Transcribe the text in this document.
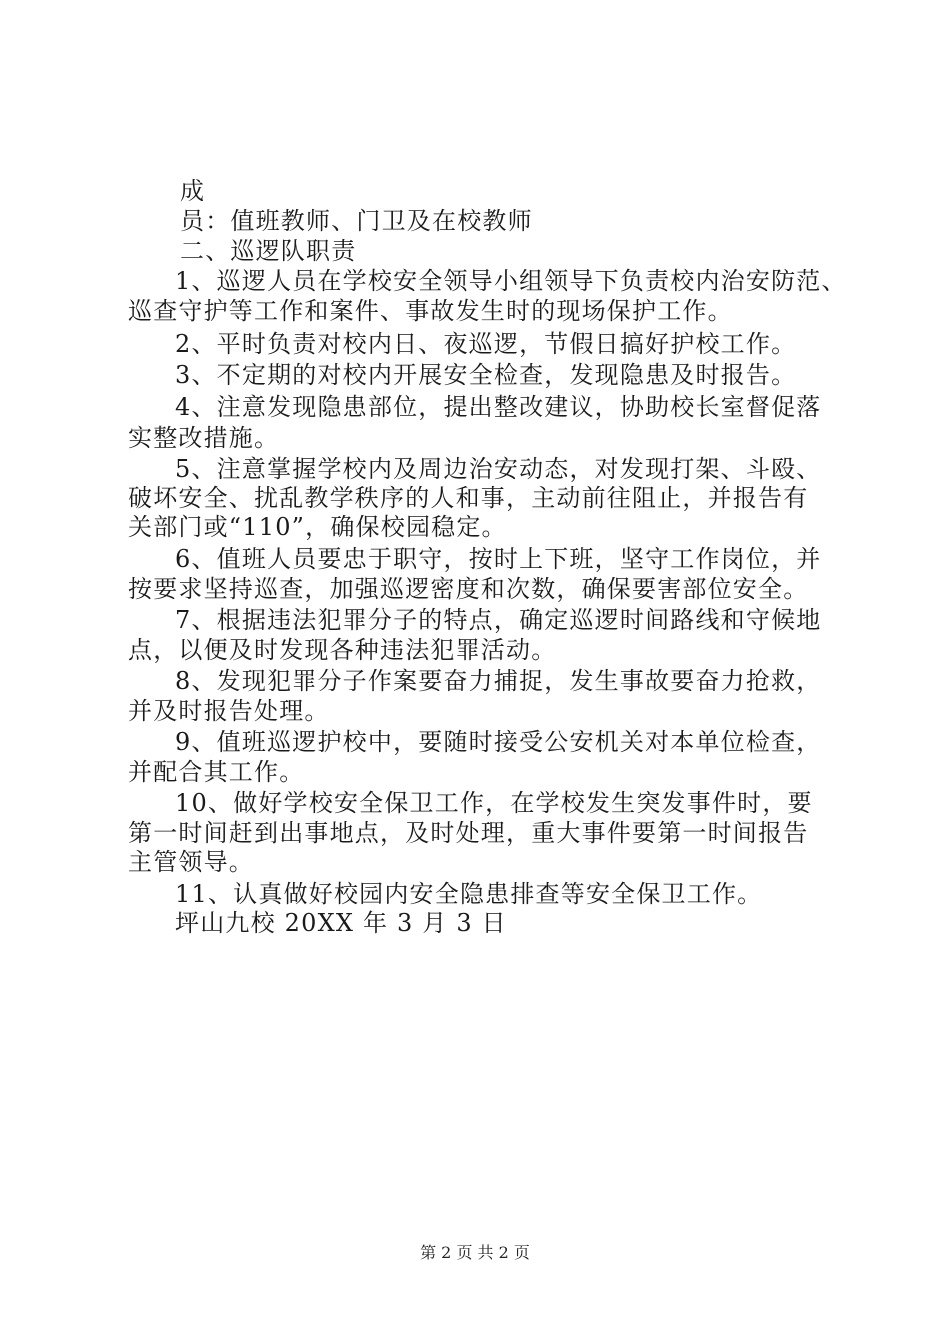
成
员：值班教师、门卫及在校教师
二、巡逻队职责
1、巡逻人员在学校安全领导小组领导下负责校内治安防范、
巡查守护等工作和案件、事故发生时的现场保护工作。
2、平时负责对校内日、夜巡逻，节假日搞好护校工作。
3、不定期的对校内开展安全检查，发现隐患及时报告。
4、注意发现隐患部位，提出整改建议，协助校长室督促落
实整改措施。
5、注意掌握学校内及周边治安动态，对发现打架、斗殴、
破坏安全、扰乱教学秩序的人和事，主动前往阻止，并报告有
关部门或“110”，确保校园稳定。
6、值班人员要忠于职守，按时上下班，坚守工作岗位，并
按要求坚持巡查，加强巡逻密度和次数，确保要害部位安全。
7、根据违法犯罪分子的特点，确定巡逻时间路线和守候地
点，以便及时发现各种违法犯罪活动。
8、发现犯罪分子作案要奋力捕捉，发生事故要奋力抢救，
并及时报告处理。
9、值班巡逻护校中，要随时接受公安机关对本单位检查，
并配合其工作。
10、做好学校安全保卫工作，在学校发生突发事件时，要
第一时间赶到出事地点，及时处理，重大事件要第一时间报告
主管领导。
11、认真做好校园内安全隐患排查等安全保卫工作。
坪山九校 20XX 年 3 月 3 日
第 2 页 共 2 页
